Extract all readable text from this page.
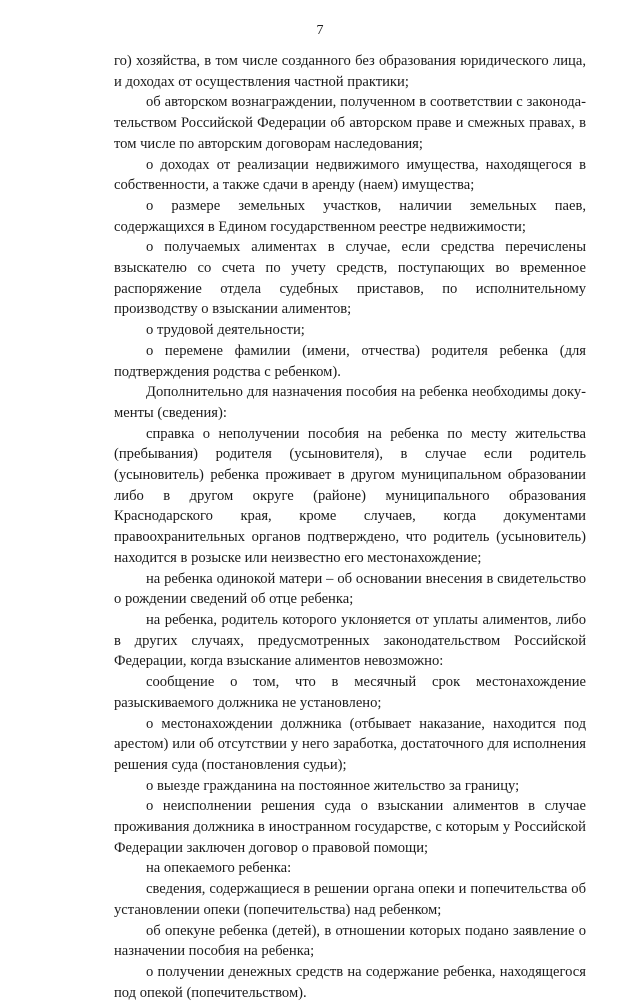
7

го) хозяйства, в том числе созданного без образования юридического лица, и доходах от осуществления частной практики;

об авторском вознаграждении, полученном в соответствии с законодательством Российской Федерации об авторском праве и смежных правах, в том числе по авторским договорам наследования;

о доходах от реализации недвижимого имущества, находящегося в собственности, а также сдачи в аренду (наем) имущества;

о размере земельных участков, наличии земельных паев, содержащихся в Едином государственном реестре недвижимости;

о получаемых алиментах в случае, если средства перечислены взыскателю со счета по учету средств, поступающих во временное распоряжение отдела судебных приставов, по исполнительному производству о взыскании алиментов;

о трудовой деятельности;

о перемене фамилии (имени, отчества) родителя ребенка (для подтверждения родства с ребенком).

Дополнительно для назначения пособия на ребенка необходимы документы (сведения):

справка о неполучении пособия на ребенка по месту жительства (пребывания) родителя (усыновителя), в случае если родитель (усыновитель) ребенка проживает в другом муниципальном образовании либо в другом округе (районе) муниципального образования Краснодарского края, кроме случаев, когда документами правоохранительных органов подтверждено, что родитель (усыновитель) находится в розыске или неизвестно его местонахождение;

на ребенка одинокой матери – об основании внесения в свидетельство о рождении сведений об отце ребенка;

на ребенка, родитель которого уклоняется от уплаты алиментов, либо в других случаях, предусмотренных законодательством Российской Федерации, когда взыскание алиментов невозможно:

сообщение о том, что в месячный срок местонахождение разыскиваемого должника не установлено;

о местонахождении должника (отбывает наказание, находится под арестом) или об отсутствии у него заработка, достаточного для исполнения решения суда (постановления судьи);

о выезде гражданина на постоянное жительство за границу;

о неисполнении решения суда о взыскании алиментов в случае проживания должника в иностранном государстве, с которым у Российской Федерации заключен договор о правовой помощи;

на опекаемого ребенка:

сведения, содержащиеся в решении органа опеки и попечительства об установлении опеки (попечительства) над ребенком;

об опекуне ребенка (детей), в отношении которых подано заявление о назначении пособия на ребенка;

о получении денежных средств на содержание ребенка, находящегося под опекой (попечительством).
